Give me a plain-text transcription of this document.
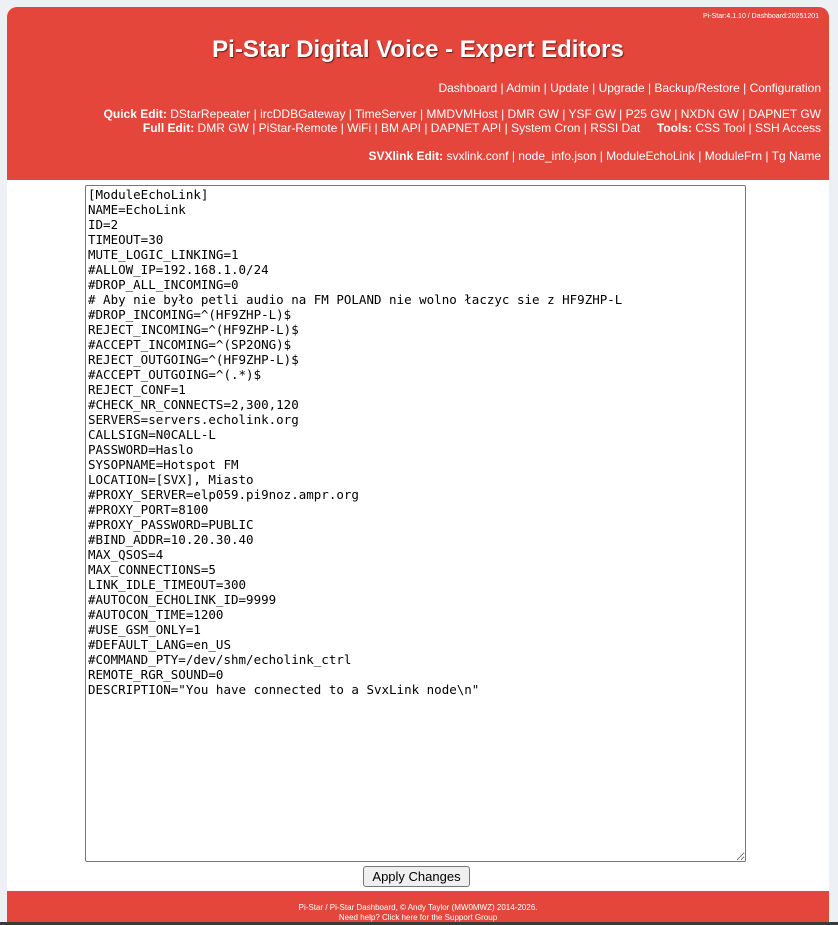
Pi-Star:4.1.10 / Dashboard:20251201
Pi-Star Digital Voice - Expert Editors
Dashboard | Admin | Update | Upgrade | Backup/Restore | Configuration
Quick Edit: DStarRepeater | ircDDBGateway | TimeServer | MMDVMHost | DMR GW | YSF GW | P25 GW | NXDN GW | DAPNET GW
Full Edit: DMR GW | PiStar-Remote | WiFi | BM API | DAPNET API | System Cron | RSSI Dat Tools: CSS Tool | SSH Access
SVXlink Edit: svxlink.conf | node_info.json | ModuleEchoLink | ModuleFrn | Tg Name
[ModuleEchoLink] NAME=EchoLink ID=2 TIMEOUT=30 MUTE_LOGIC_LINKING=1 #ALLOW_IP=192.168.1.0/24 #DROP_ALL_INCOMING=0 # Aby nie było petli audio na FM POLAND nie wolno łaczyc sie z HF9ZHP-L #DROP_INCOMING=^(HF9ZHP-L)$ REJECT_INCOMING=^(HF9ZHP-L)$ #ACCEPT_INCOMING=^(SP2ONG)$ REJECT_OUTGOING=^(HF9ZHP-L)$ #ACCEPT_OUTGOING=^(.*)$ REJECT_CONF=1 #CHECK_NR_CONNECTS=2,300,120 SERVERS=servers.echolink.org CALLSIGN=N0CALL-L PASSWORD=Haslo SYSOPNAME=Hotspot FM LOCATION=[SVX], Miasto #PROXY_SERVER=elp059.pi9noz.ampr.org #PROXY_PORT=8100 #PROXY_PASSWORD=PUBLIC #BIND_ADDR=10.20.30.40 MAX_QSOS=4 MAX_CONNECTIONS=5 LINK_IDLE_TIMEOUT=300 #AUTOCON_ECHOLINK_ID=9999 #AUTOCON_TIME=1200 #USE_GSM_ONLY=1 #DEFAULT_LANG=en_US #COMMAND_PTY=/dev/shm/echolink_ctrl REMOTE_RGR_SOUND=0 DESCRIPTION="You have connected to a SvxLink node\n"
Apply Changes
Pi-Star / Pi-Star Dashboard, © Andy Taylor (MW0MWZ) 2014-2026.
Need help? Click here for the Support Group
